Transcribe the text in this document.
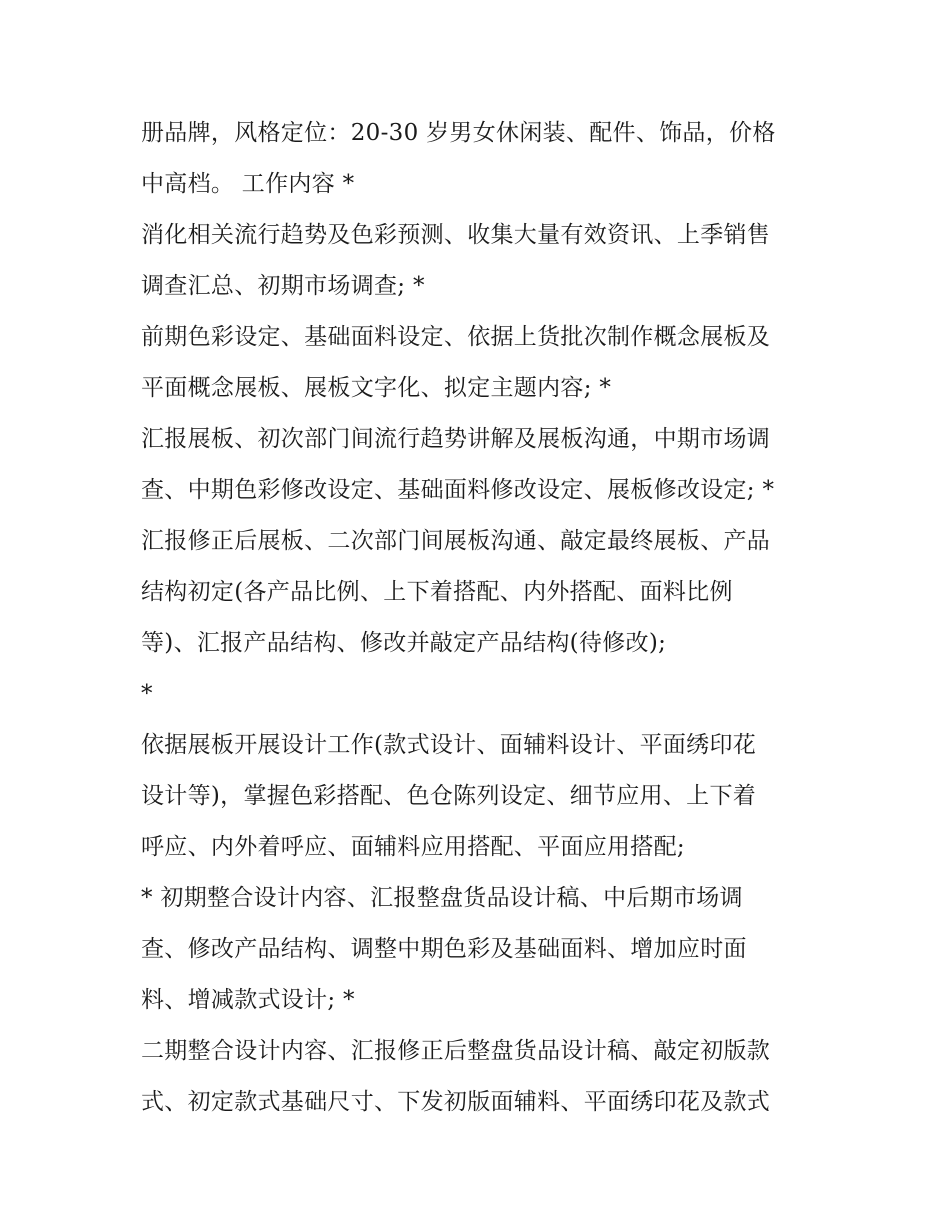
册品牌，风格定位：20-30 岁男女休闲装、配件、饰品，价格
中高档。 工作内容 *
消化相关流行趋势及色彩预测、收集大量有效资讯、上季销售
调查汇总、初期市场调查; *
前期色彩设定、基础面料设定、依据上货批次制作概念展板及
平面概念展板、展板文字化、拟定主题内容; *
汇报展板、初次部门间流行趋势讲解及展板沟通，中期市场调
查、中期色彩修改设定、基础面料修改设定、展板修改设定; *
汇报修正后展板、二次部门间展板沟通、敲定最终展板、产品
结构初定(各产品比例、上下着搭配、内外搭配、面料比例
等)、汇报产品结构、修改并敲定产品结构(待修改);
*
依据展板开展设计工作(款式设计、面辅料设计、平面绣印花
设计等)，掌握色彩搭配、色仓陈列设定、细节应用、上下着
呼应、内外着呼应、面辅料应用搭配、平面应用搭配;
* 初期整合设计内容、汇报整盘货品设计稿、中后期市场调
查、修改产品结构、调整中期色彩及基础面料、增加应时面
料、增减款式设计; *
二期整合设计内容、汇报修正后整盘货品设计稿、敲定初版款
式、初定款式基础尺寸、下发初版面辅料、平面绣印花及款式
